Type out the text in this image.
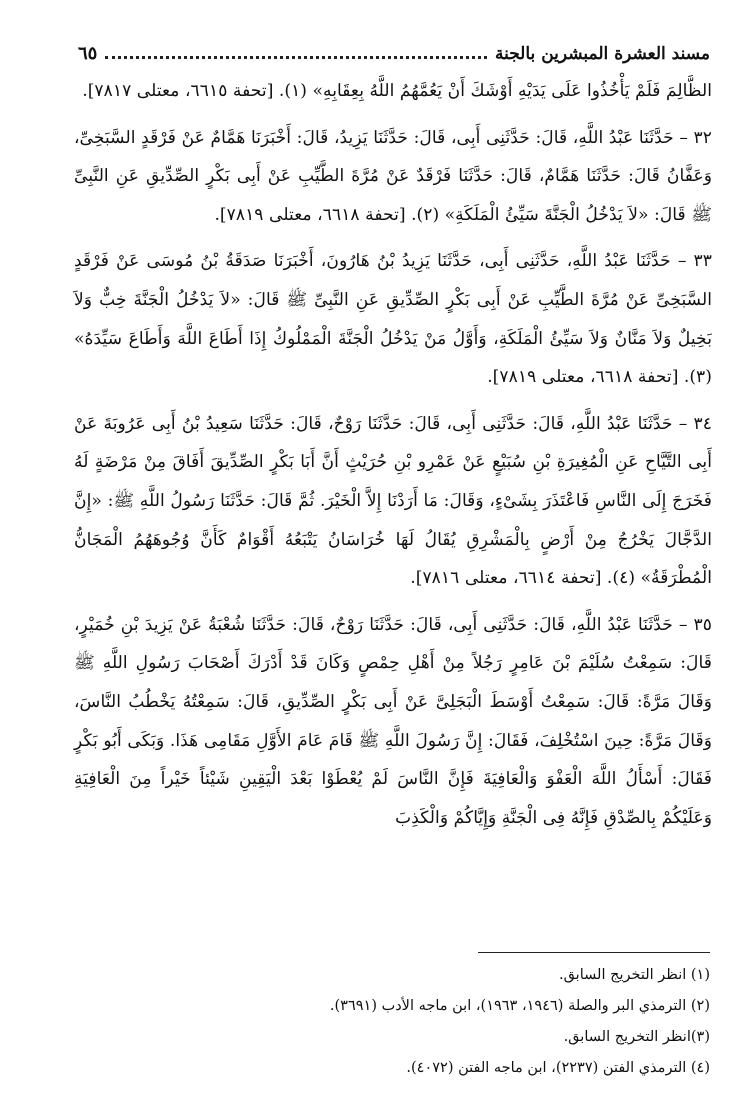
مسند العشرة المبشرين بالجنة
٦٥

الظَّالِمَ فَلَمْ يَأْخُذُوا عَلَى يَدَيْهِ أَوْشَكَ أَنْ يَعُمَّهُمُ اللَّهُ بِعِقَابِهِ» (١). [تحفة ٦٦١٥، معتلى ٧٨١٧].

٣٢ – حَدَّثَنَا عَبْدُ اللَّهِ، قَالَ: حَدَّثَنِى أَبِى، قَالَ: حَدَّثَنَا يَزِيدُ، قَالَ: أَخْبَرَنَا هَمَّامٌ عَنْ فَرْقَدٍ السَّبَخِىِّ، وَعَفَّانُ قَالَ: حَدَّثَنَا هَمَّامٌ، قَالَ: حَدَّثَنَا فَرْقَدٌ عَنْ مُرَّةَ الطَّيِّبِ عَنْ أَبِى بَكْرٍ الصِّدِّيقِ عَنِ النَّبِىِّ ﷺ قَالَ: «لاَ يَدْخُلُ الْجَنَّةَ سَيِّئُ الْمَلَكَةِ» (٢). [تحفة ٦٦١٨، معتلى ٧٨١٩].

٣٣ – حَدَّثَنَا عَبْدُ اللَّهِ، حَدَّثَنِى أَبِى، حَدَّثَنَا يَزِيدُ بْنُ هَارُونَ، أَخْبَرَنَا صَدَقَةُ بْنُ مُوسَى عَنْ فَرْقَدٍ السَّبَخِىِّ عَنْ مُرَّةَ الطَّيِّبِ عَنْ أَبِى بَكْرٍ الصِّدِّيقِ عَنِ النَّبِىِّ ﷺ قَالَ: «لاَ يَدْخُلُ الْجَنَّةَ خِبٌّ وَلاَ بَخِيلٌ وَلاَ مَنَّانٌ وَلاَ سَيِّئُ الْمَلَكَةِ، وَأَوَّلُ مَنْ يَدْخُلُ الْجَنَّةَ الْمَمْلُوكُ إِذَا أَطَاعَ اللَّهَ وَأَطَاعَ سَيِّدَهُ» (٣). [تحفة ٦٦١٨، معتلى ٧٨١٩].

٣٤ – حَدَّثَنَا عَبْدُ اللَّهِ، قَالَ: حَدَّثَنِى أَبِى، قَالَ: حَدَّثَنَا رَوْحٌ، قَالَ: حَدَّثَنَا سَعِيدُ بْنُ أَبِى عَرُوبَةَ عَنْ أَبِى التَّيَّاحِ عَنِ الْمُغِيرَةِ بْنِ سُبَيْعٍ عَنْ عَمْرِو بْنِ حُرَيْثٍ أَنَّ أَبَا بَكْرٍ الصِّدِّيقَ أَفَاقَ مِنْ مَرْضَةٍ لَهُ فَخَرَجَ إِلَى النَّاسِ فَاعْتَذَرَ بِشَىْءٍ، وَقَالَ: مَا أَرَدْنَا إِلاَّ الْخَيْرَ. ثُمَّ قَالَ: حَدَّثَنَا رَسُولُ اللَّهِ ﷺ: «إِنَّ الدَّجَّالَ يَخْرُجُ مِنْ أَرْضٍ بِالْمَشْرِقِ يُقَالُ لَهَا خُرَاسَانُ يَتْبَعُهُ أَقْوَامٌ كَأَنَّ وُجُوهَهُمُ الْمَجَانُّ الْمُطْرَقَةُ» (٤). [تحفة ٦٦١٤، معتلى ٧٨١٦].

٣٥ – حَدَّثَنَا عَبْدُ اللَّهِ، قَالَ: حَدَّثَنِى أَبِى، قَالَ: حَدَّثَنَا رَوْحٌ، قَالَ: حَدَّثَنَا شُعْبَةُ عَنْ يَزِيدَ بْنِ خُمَيْرٍ، قَالَ: سَمِعْتُ سُلَيْمَ بْنَ عَامِرٍ رَجُلاً مِنْ أَهْلِ حِمْصٍ وَكَانَ قَدْ أَدْرَكَ أَصْحَابَ رَسُولِ اللَّهِ ﷺ وَقَالَ مَرَّةً: قَالَ: سَمِعْتُ أَوْسَطَ الْبَجَلِىَّ عَنْ أَبِى بَكْرٍ الصِّدِّيقِ، قَالَ: سَمِعْتُهُ يَخْطُبُ النَّاسَ، وَقَالَ مَرَّةً: حِينَ اسْتُخْلِفَ، فَقَالَ: إِنَّ رَسُولَ اللَّهِ ﷺ قَامَ عَامَ الأَوَّلِ مَقَامِى هَذَا. وَبَكَى أَبُو بَكْرٍ فَقَالَ: أَسْأَلُ اللَّهَ الْعَفْوَ وَالْعَافِيَةَ فَإِنَّ النَّاسَ لَمْ يُعْطَوْا بَعْدَ الْيَقِينِ شَيْئاً خَيْراً مِنَ الْعَافِيَةِ وَعَلَيْكُمْ بِالصِّدْقِ فَإِنَّهُ فِى الْجَنَّةِ وَإِيَّاكُمْ وَالْكَذِبَ

(١) انظر التخريج السابق.
(٢) الترمذي البر والصلة (١٩٤٦، ١٩٦٣)، ابن ماجه الأدب (٣٦٩١).
(٣)انظر التخريج السابق.
(٤) الترمذي الفتن (٢٢٣٧)، ابن ماجه الفتن (٤٠٧٢).
